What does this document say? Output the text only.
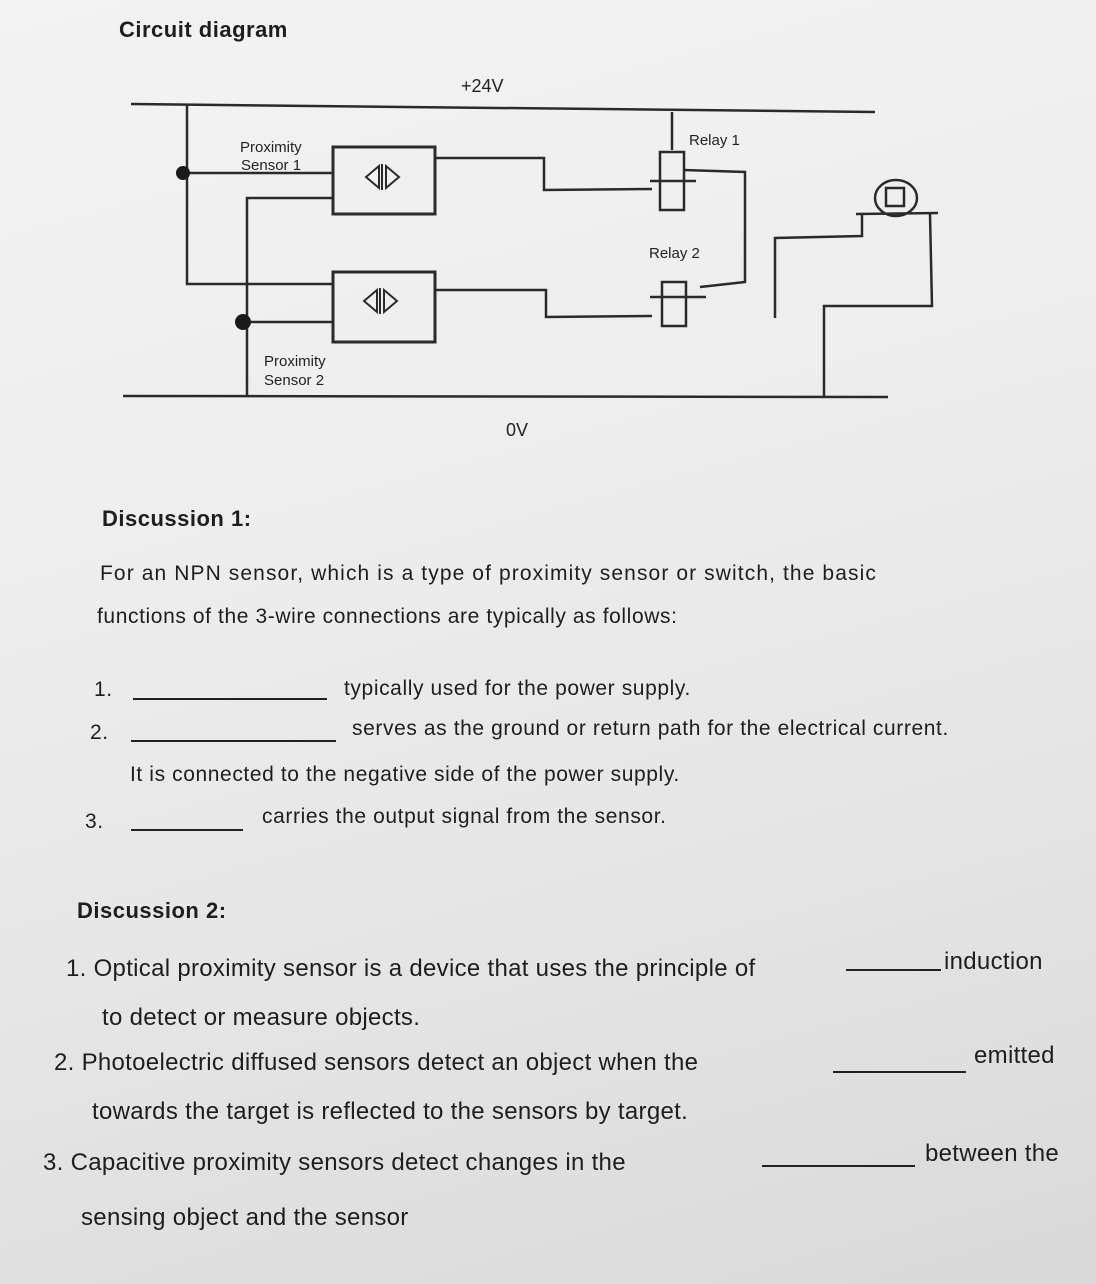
Circuit diagram
+24V
0V
Proximity
Sensor 1
Proximity
Sensor 2
Relay 1
Relay 2
Discussion 1:
For an NPN sensor, which is a type of proximity sensor or switch, the basic
functions of the 3-wire connections are typically as follows:
1.	typically used for the power supply.
2.	serves as the ground or return path for the electrical current.
It is connected to the negative side of the power supply.
3.	carries the output signal from the sensor.
Discussion 2:
1. Optical proximity sensor is a device that uses the principle of	induction
to detect or measure objects.
2. Photoelectric diffused sensors detect an object when the	emitted
towards the target is reflected to the sensors by target.
3. Capacitive proximity sensors detect changes in the	between the
sensing object and the sensor
